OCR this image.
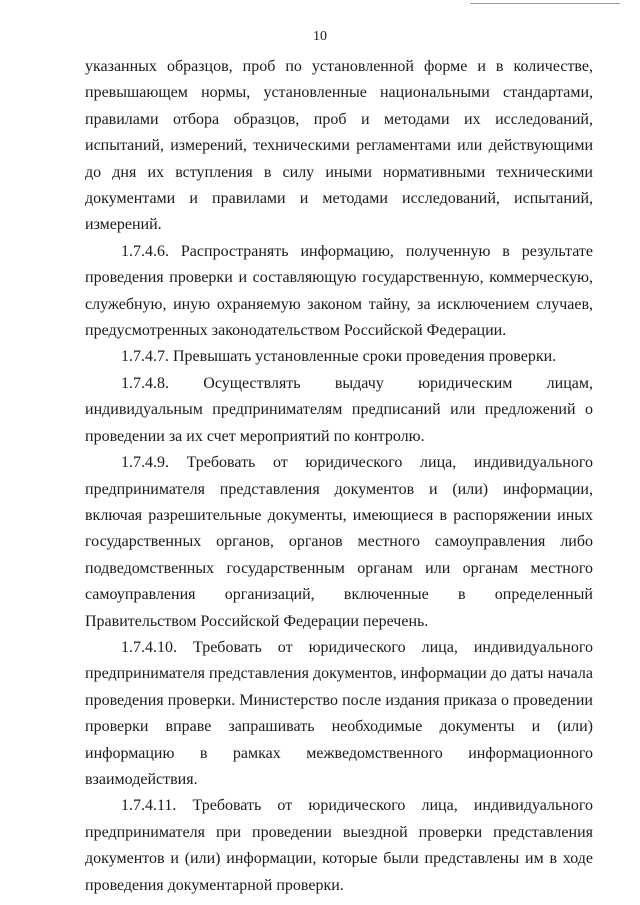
10

указанных образцов, проб по установленной форме и в количестве, превышающем нормы, установленные национальными стандартами, правилами отбора образцов, проб и методами их исследований, испытаний, измерений, техническими регламентами или действующими до дня их вступления в силу иными нормативными техническими документами и правилами и методами исследований, испытаний, измерений.

1.7.4.6. Распространять информацию, полученную в результате проведения проверки и составляющую государственную, коммерческую, служебную, иную охраняемую законом тайну, за исключением случаев, предусмотренных законодательством Российской Федерации.

1.7.4.7. Превышать установленные сроки проведения проверки.

1.7.4.8. Осуществлять выдачу юридическим лицам, индивидуальным предпринимателям предписаний или предложений о проведении за их счет мероприятий по контролю.

1.7.4.9. Требовать от юридического лица, индивидуального предпринимателя представления документов и (или) информации, включая разрешительные документы, имеющиеся в распоряжении иных государственных органов, органов местного самоуправления либо подведомственных государственным органам или органам местного самоуправления организаций, включенные в определенный Правительством Российской Федерации перечень.

1.7.4.10. Требовать от юридического лица, индивидуального предпринимателя представления документов, информации до даты начала проведения проверки. Министерство после издания приказа о проведении проверки вправе запрашивать необходимые документы и (или) информацию в рамках межведомственного информационного взаимодействия.

1.7.4.11. Требовать от юридического лица, индивидуального предпринимателя при проведении выездной проверки представления документов и (или) информации, которые были представлены им в ходе проведения документарной проверки.
